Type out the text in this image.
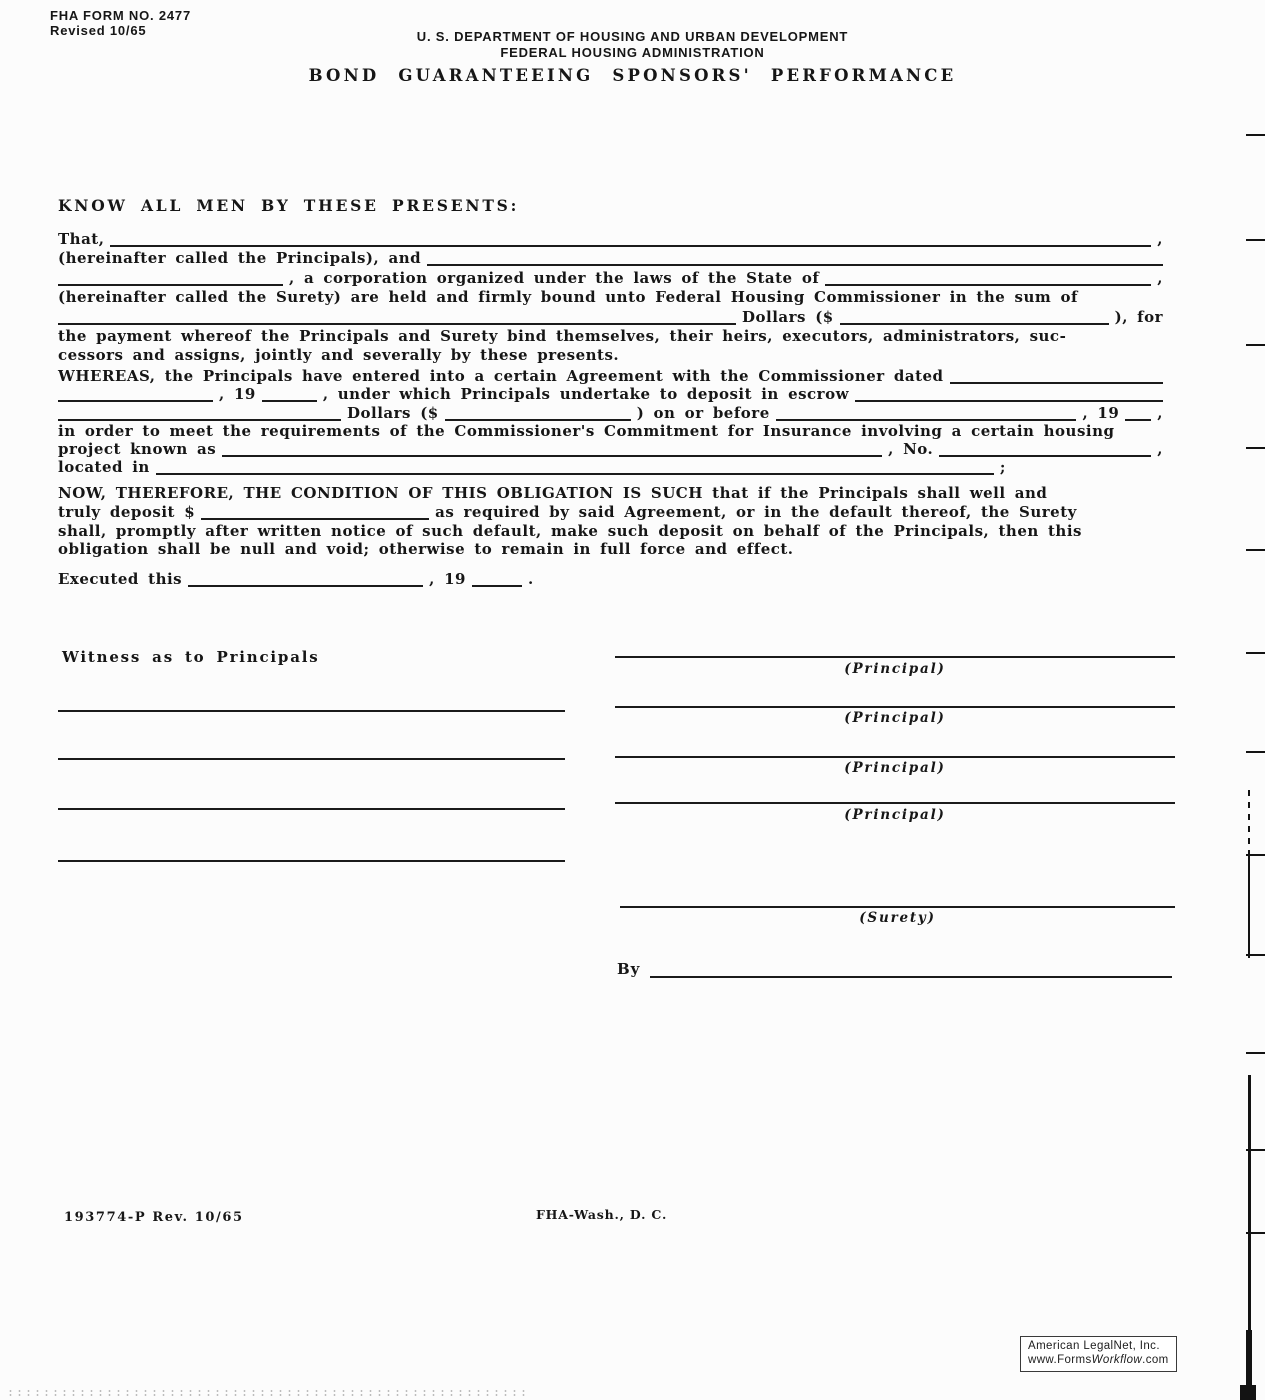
FHA FORM NO. 2477
Revised 10/65	U. S. DEPARTMENT OF HOUSING AND URBAN DEVELOPMENT
FEDERAL HOUSING ADMINISTRATION
BOND GUARANTEEING SPONSORS' PERFORMANCE
KNOW ALL MEN BY THESE PRESENTS:
That,	,
(hereinafter called the Principals), and
, a corporation organized under the laws of the State of	,
(hereinafter called the Surety) are held and firmly bound unto Federal Housing Commissioner in the sum of
Dollars ($	), for
the payment whereof the Principals and Surety bind themselves, their heirs, executors, administrators, suc-
cessors and assigns, jointly and severally by these presents.
WHEREAS, the Principals have entered into a certain Agreement with the Commissioner dated
, 19	, under which Principals undertake to deposit in escrow
Dollars ($	) on or before	, 19	,
in order to meet the requirements of the Commissioner's Commitment for Insurance involving a certain housing
project known as	, No.	,
located in	;
NOW, THEREFORE, THE CONDITION OF THIS OBLIGATION IS SUCH that if the Principals shall well and
truly deposit $	as required by said Agreement, or in the default thereof, the Surety
shall, promptly after written notice of such default, make such deposit on behalf of the Principals, then this
obligation shall be null and void; otherwise to remain in full force and effect.
Executed this	, 19	.
Witness as to Principals
(Principal)
(Principal)
(Principal)
(Principal)
(Surety)
By
193774-P Rev. 10/65	FHA-Wash., D. C.
American LegalNet, Inc.
www.FormsWorkflow.com
